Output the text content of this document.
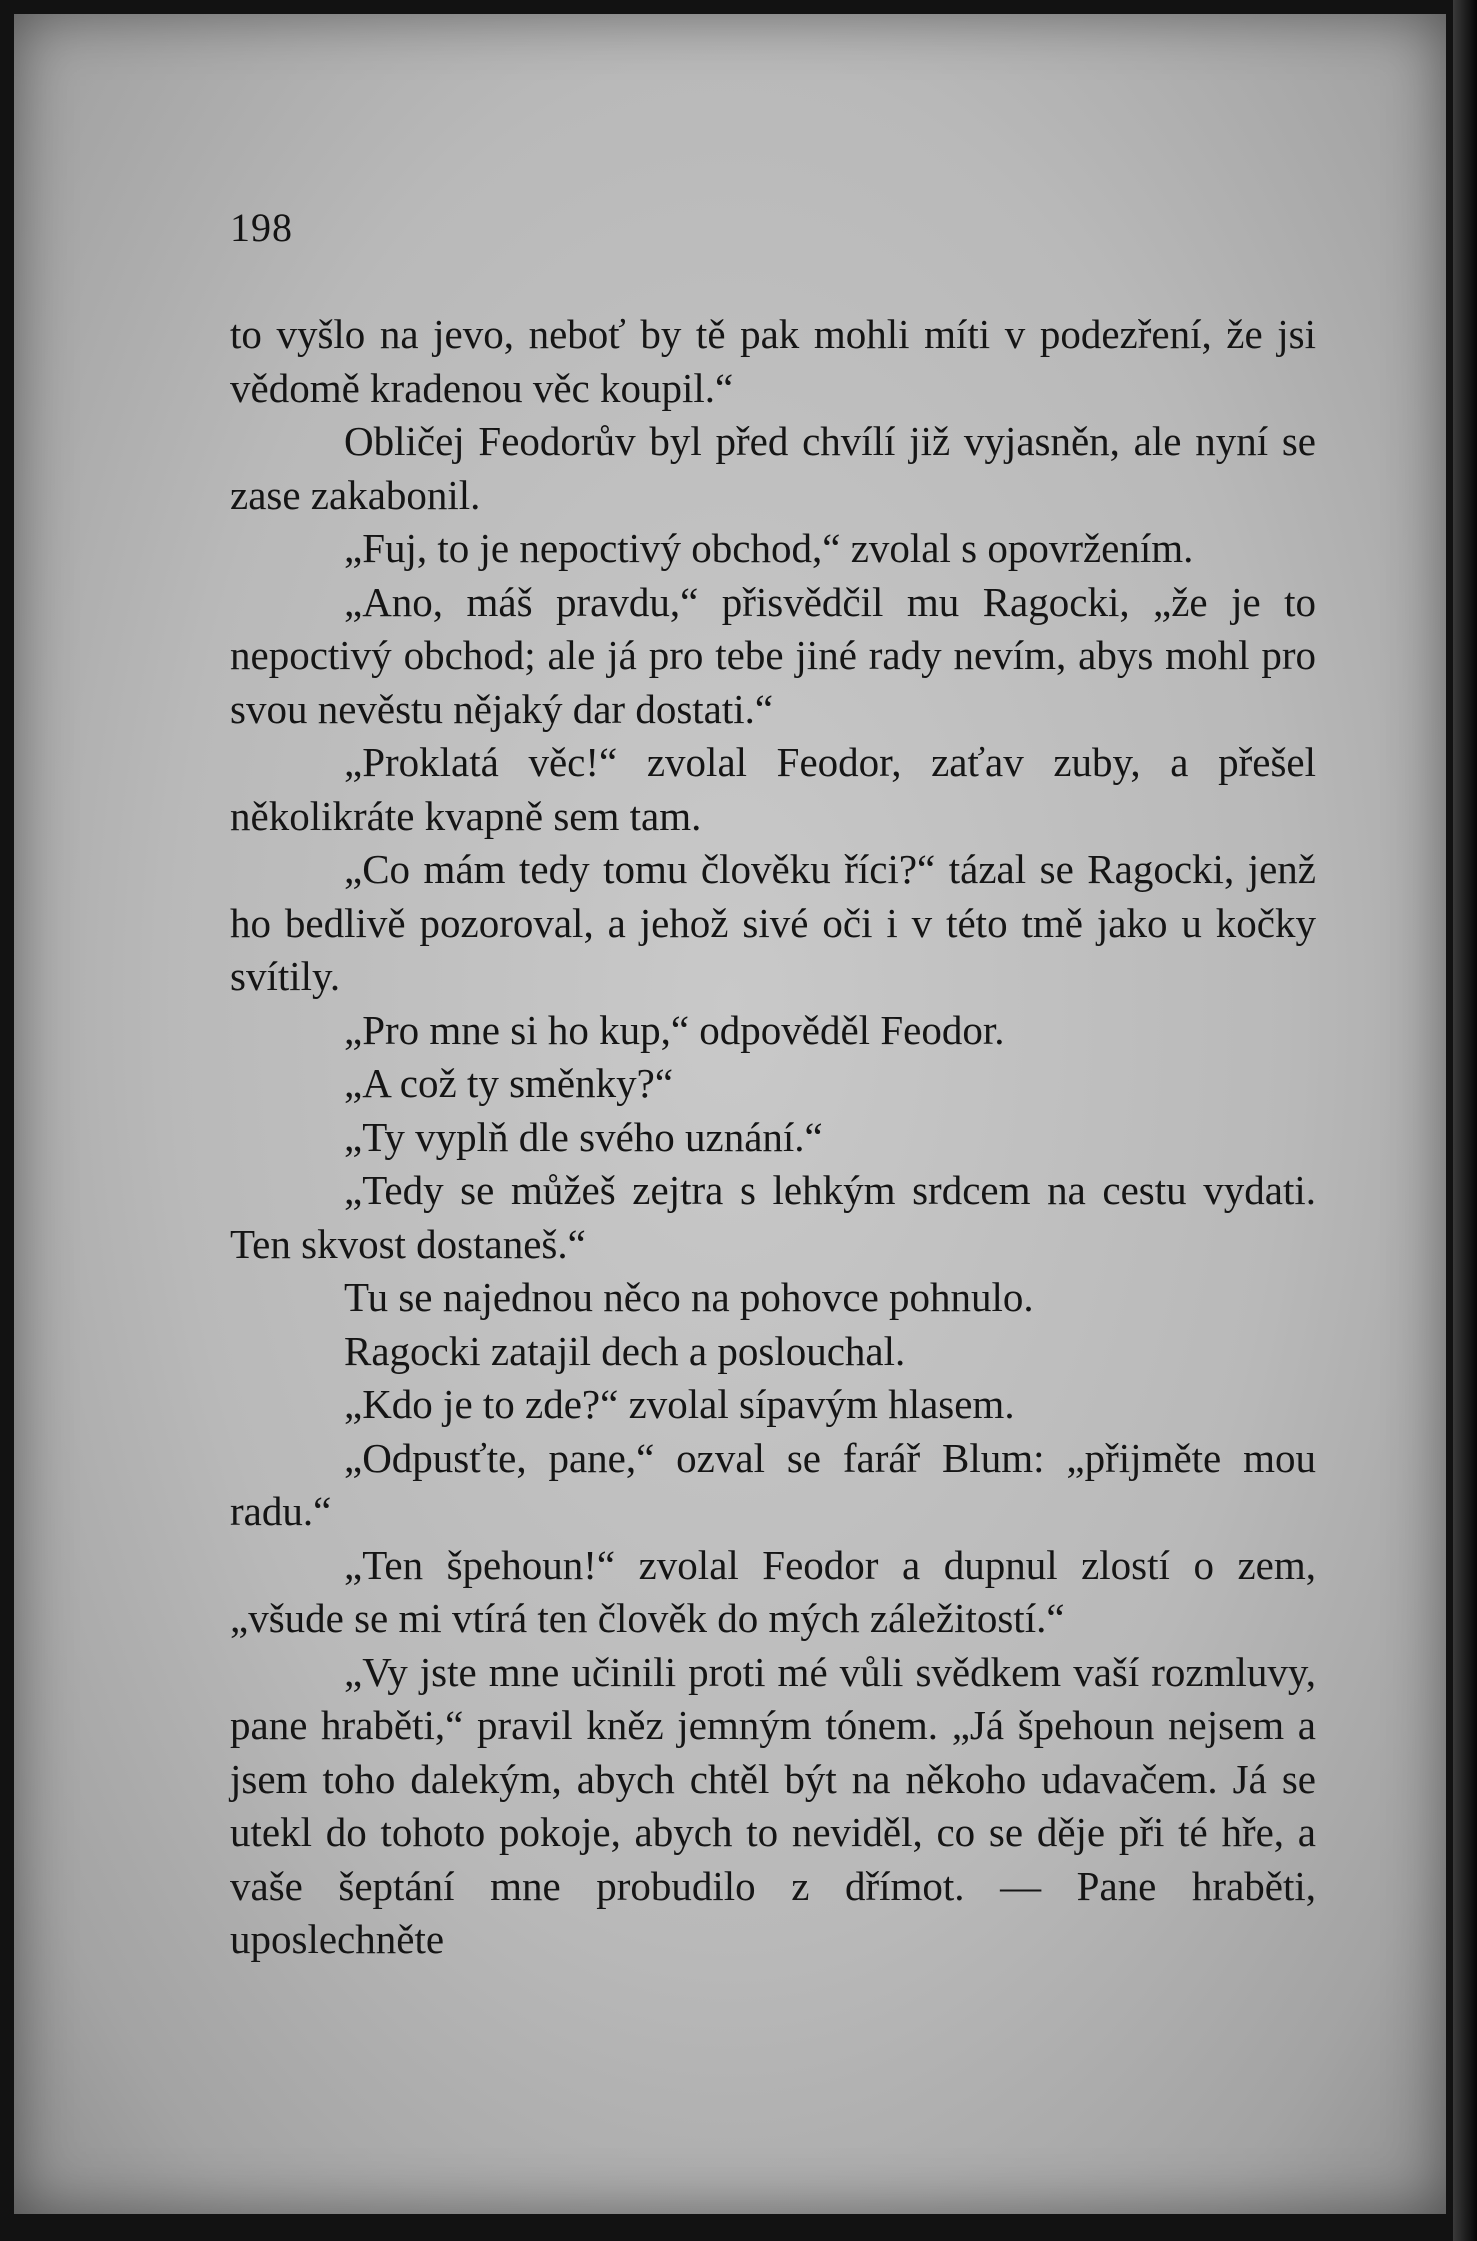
198

to vyšlo na jevo, neboť by tě pak mohli míti v podezření, že jsi vědomě kradenou věc koupil.“

Obličej Feodorův byl před chvílí již vyjasněn, ale nyní se zase zakabonil.

„Fuj, to je nepoctivý obchod,“ zvolal s opovržením.

„Ano, máš pravdu,“ přisvědčil mu Ragocki, „že je to nepoctivý obchod; ale já pro tebe jiné rady nevím, abys mohl pro svou nevěstu nějaký dar dostati.“

„Proklatá věc!“ zvolal Feodor, zaťav zuby, a přešel několikráte kvapně sem tam.

„Co mám tedy tomu člověku říci?“ tázal se Ragocki, jenž ho bedlivě pozoroval, a jehož sivé oči i v této tmě jako u kočky svítily.

„Pro mne si ho kup,“ odpověděl Feodor.

„A což ty směnky?“

„Ty vyplň dle svého uznání.“

„Tedy se můžeš zejtra s lehkým srdcem na cestu vydati. Ten skvost dostaneš.“

Tu se najednou něco na pohovce pohnulo.

Ragocki zatajil dech a poslouchal.

„Kdo je to zde?“ zvolal sípavým hlasem.

„Odpusťte, pane,“ ozval se farář Blum: „přijměte mou radu.“

„Ten špehoun!“ zvolal Feodor a dupnul zlostí o zem, „všude se mi vtírá ten člověk do mých záležitostí.“

„Vy jste mne učinili proti mé vůli svědkem vaší rozmluvy, pane hraběti,“ pravil kněz jemným tónem. „Já špehoun nejsem a jsem toho dalekým, abych chtěl být na někoho udavačem. Já se utekl do tohoto pokoje, abych to neviděl, co se děje při té hře, a vaše šeptání mne probudilo z dřímot. — Pane hraběti, uposlechněte
